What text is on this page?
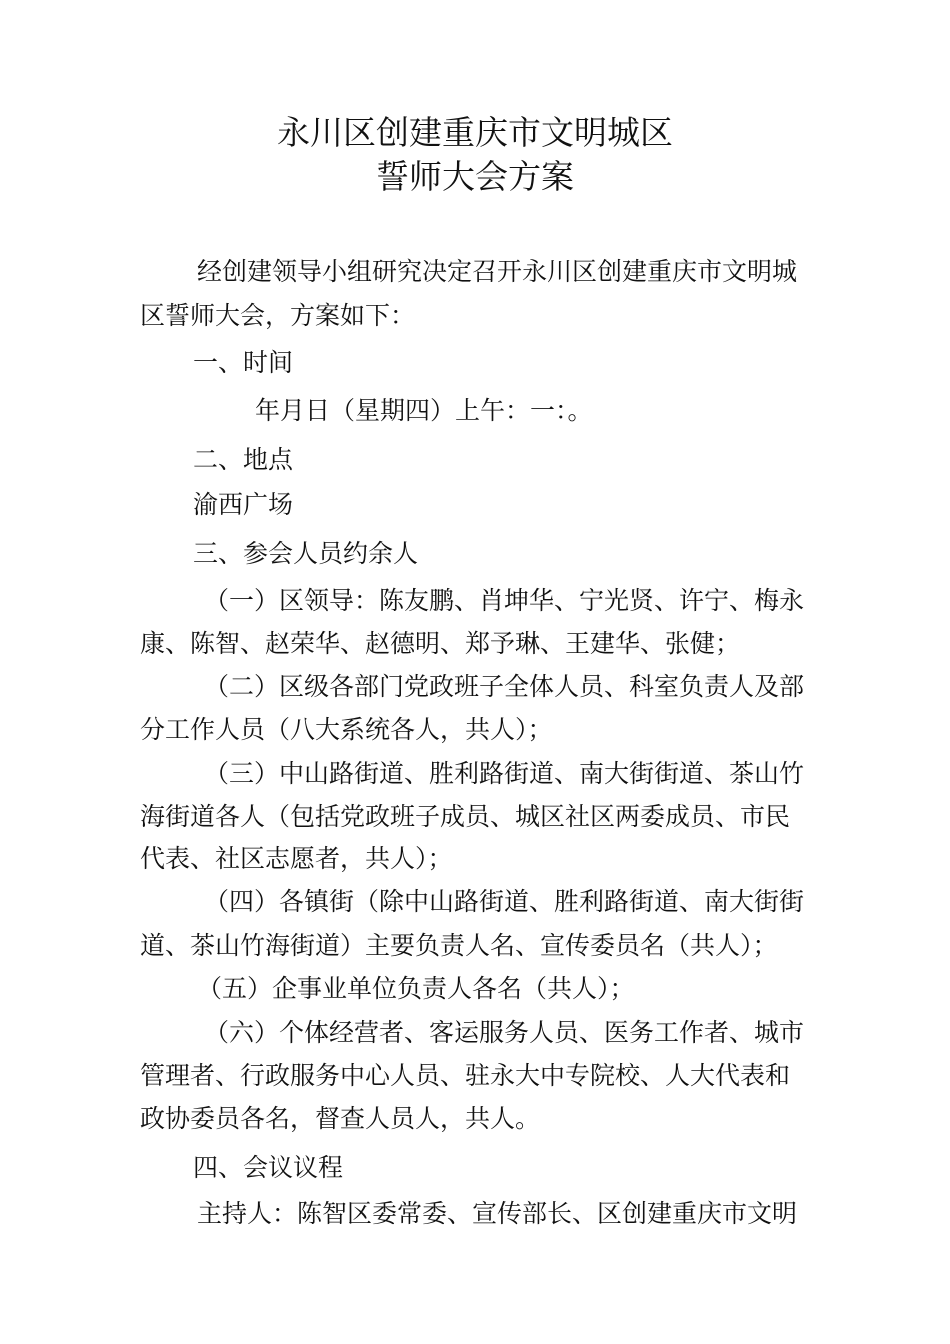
永川区创建重庆市文明城区
誓师大会方案
经创建领导小组研究决定召开永川区创建重庆市文明城
区誓师大会，方案如下：
一、时间
年月日（星期四）上午：一：。
二、地点
渝西广场
三、参会人员约余人
（一）区领导：陈友鹏、肖坤华、宁光贤、许宁、梅永
康、陈智、赵荣华、赵德明、郑予琳、王建华、张健；
（二）区级各部门党政班子全体人员、科室负责人及部
分工作人员（八大系统各人，共人）；
（三）中山路街道、胜利路街道、南大街街道、茶山竹
海街道各人（包括党政班子成员、城区社区两委成员、市民
代表、社区志愿者，共人）；
（四）各镇街（除中山路街道、胜利路街道、南大街街
道、茶山竹海街道）主要负责人名、宣传委员名（共人）；
（五）企事业单位负责人各名（共人）；
（六）个体经营者、客运服务人员、医务工作者、城市
管理者、行政服务中心人员、驻永大中专院校、人大代表和
政协委员各名，督查人员人，共人。
四、会议议程
主持人：陈智区委常委、宣传部长、区创建重庆市文明
